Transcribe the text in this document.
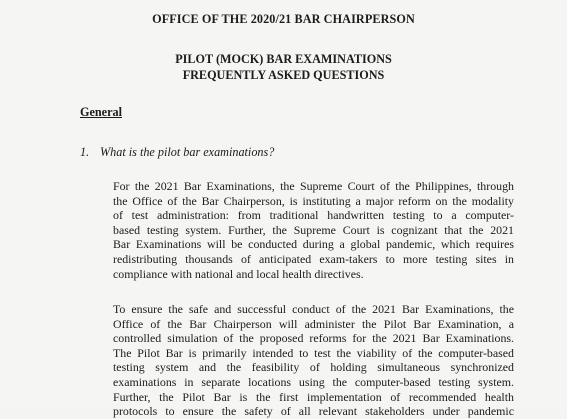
OFFICE OF THE 2020/21 BAR CHAIRPERSON
PILOT (MOCK) BAR EXAMINATIONS
FREQUENTLY ASKED QUESTIONS
General
1. What is the pilot bar examinations?
For the 2021 Bar Examinations, the Supreme Court of the Philippines, through
the Office of the Bar Chairperson, is instituting a major reform on the modality
of test administration: from traditional handwritten testing to a computer-
based testing system. Further, the Supreme Court is cognizant that the 2021
Bar Examinations will be conducted during a global pandemic, which requires
redistributing thousands of anticipated exam-takers to more testing sites in
compliance with national and local health directives.
To ensure the safe and successful conduct of the 2021 Bar Examinations, the
Office of the Bar Chairperson will administer the Pilot Bar Examination, a
controlled simulation of the proposed reforms for the 2021 Bar Examinations.
The Pilot Bar is primarily intended to test the viability of the computer-based
testing system and the feasibility of holding simultaneous synchronized
examinations in separate locations using the computer-based testing system.
Further, the Pilot Bar is the first implementation of recommended health
protocols to ensure the safety of all relevant stakeholders under pandemic
